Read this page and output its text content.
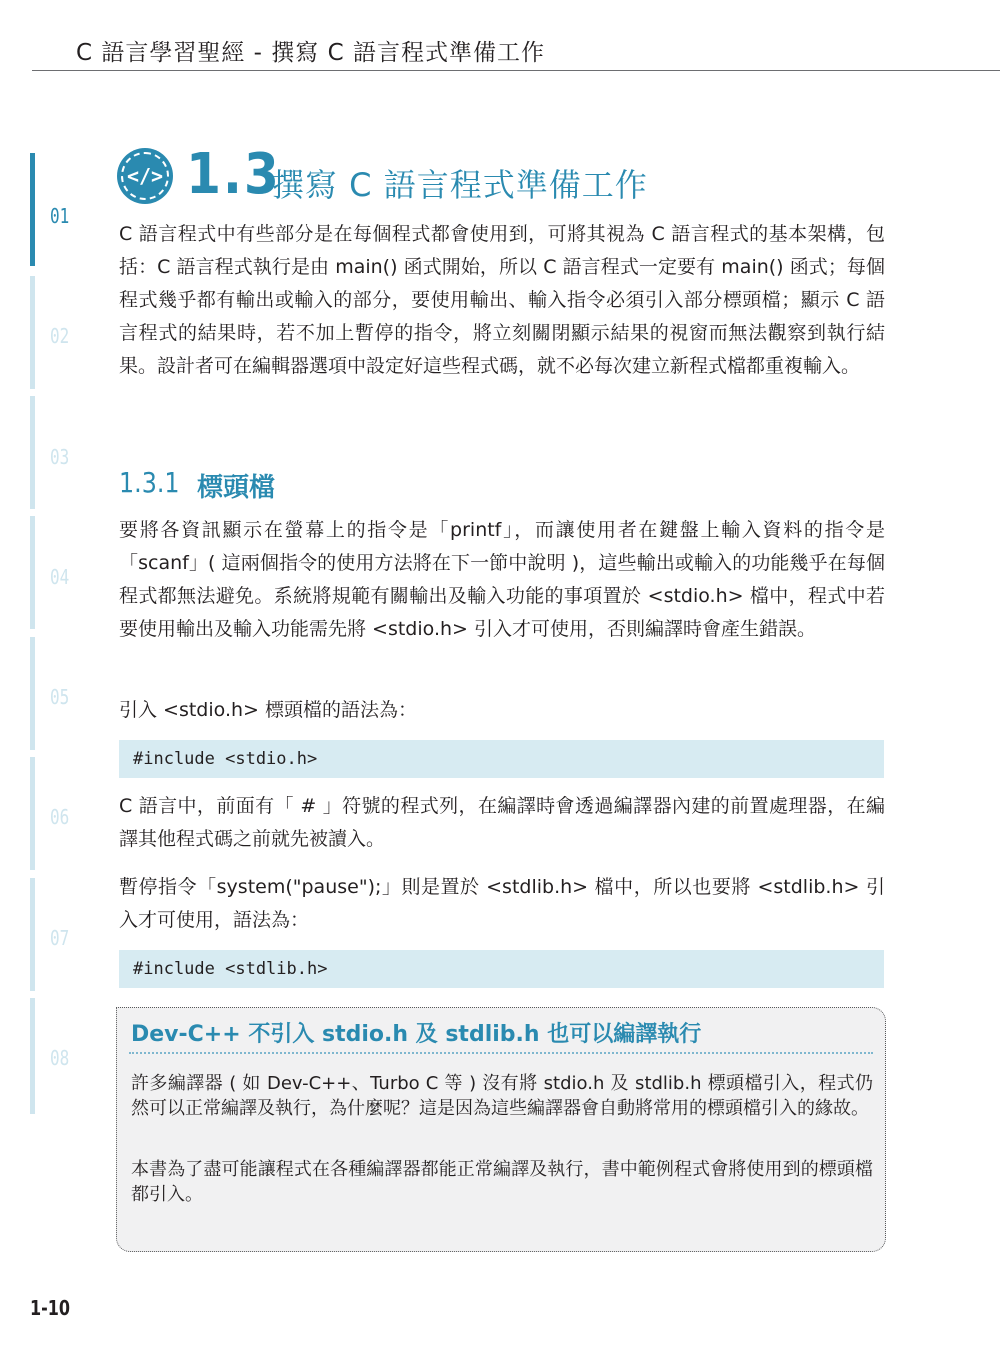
C 語言學習聖經 - 撰寫 C 語言程式準備工作
01
02
03
04
05
06
07
08
</> 1.3
撰寫 C 語言程式準備工作

C 語言程式中有些部分是在每個程式都會使用到，可將其視為 C 語言程式的基本架構，包括：C 語言程式執行是由 main() 函式開始，所以 C 語言程式一定要有 main() 函式；每個程式幾乎都有輸出或輸入的部分，要使用輸出、輸入指令必須引入部分標頭檔；顯示 C 語言程式的結果時，若不加上暫停的指令，將立刻關閉顯示結果的視窗而無法觀察到執行結果。設計者可在編輯器選項中設定好這些程式碼，就不必每次建立新程式檔都重複輸入。

1.3.1 標頭檔

要將各資訊顯示在螢幕上的指令是「printf」，而讓使用者在鍵盤上輸入資料的指令是「scanf」( 這兩個指令的使用方法將在下一節中說明 )，這些輸出或輸入的功能幾乎在每個程式都無法避免。系統將規範有關輸出及輸入功能的事項置於 <stdio.h> 檔中，程式中若要使用輸出及輸入功能需先將 <stdio.h> 引入才可使用，否則編譯時會產生錯誤。

引入 <stdio.h> 標頭檔的語法為：

#include <stdio.h>

C 語言中，前面有「 # 」符號的程式列，在編譯時會透過編譯器內建的前置處理器，在編譯其他程式碼之前就先被讀入。

暫停指令「system("pause");」則是置於 <stdlib.h> 檔中，所以也要將 <stdlib.h> 引入才可使用，語法為：

#include <stdlib.h>
Dev-C++ 不引入 stdio.h 及 stdlib.h 也可以編譯執行

許多編譯器 ( 如 Dev-C++、Turbo C 等 ) 沒有將 stdio.h 及 stdlib.h 標頭檔引入，程式仍然可以正常編譯及執行，為什麼呢？這是因為這些編譯器會自動將常用的標頭檔引入的緣故。

本書為了盡可能讓程式在各種編譯器都能正常編譯及執行，書中範例程式會將使用到的標頭檔都引入。

1-10
